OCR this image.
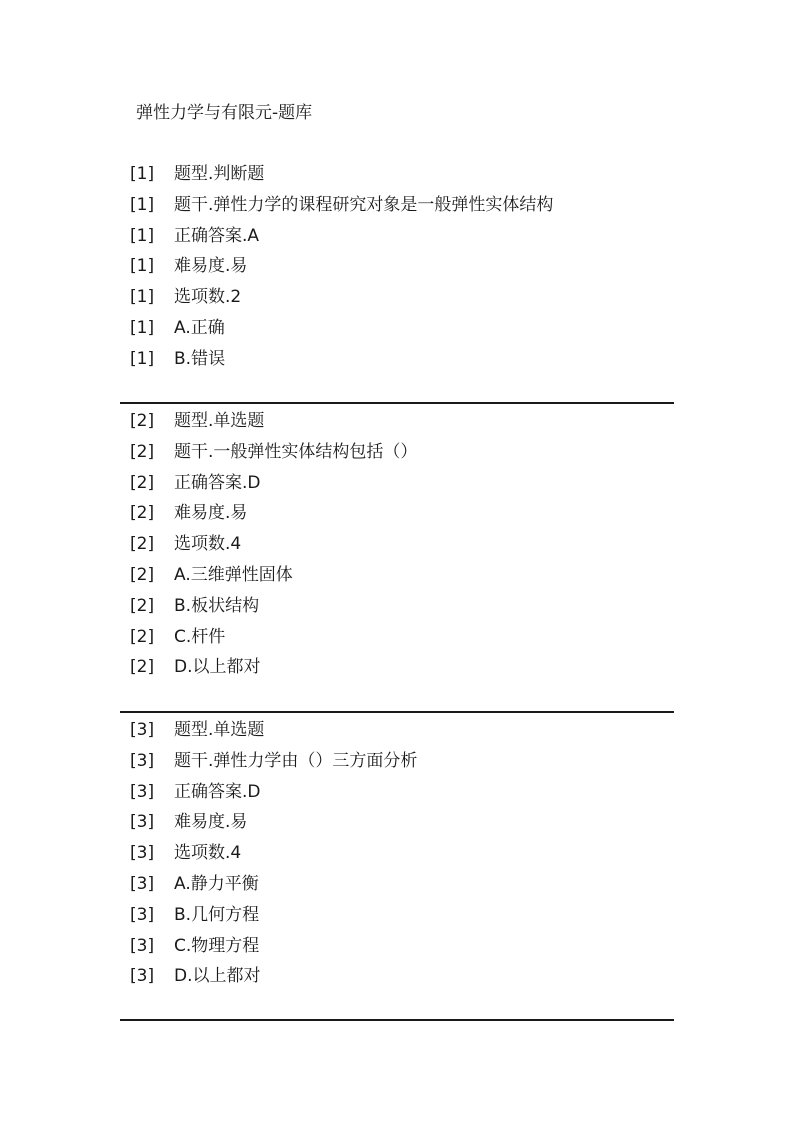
弹性力学与有限元-题库
[1] 题型.判断题
[1] 题干.弹性力学的课程研究对象是一般弹性实体结构
[1] 正确答案.A
[1] 难易度.易
[1] 选项数.2
[1] A.正确
[1] B.错误
[2] 题型.单选题
[2] 题干.一般弹性实体结构包括（）
[2] 正确答案.D
[2] 难易度.易
[2] 选项数.4
[2] A.三维弹性固体
[2] B.板状结构
[2] C.杆件
[2] D.以上都对
[3] 题型.单选题
[3] 题干.弹性力学由（）三方面分析
[3] 正确答案.D
[3] 难易度.易
[3] 选项数.4
[3] A.静力平衡
[3] B.几何方程
[3] C.物理方程
[3] D.以上都对
